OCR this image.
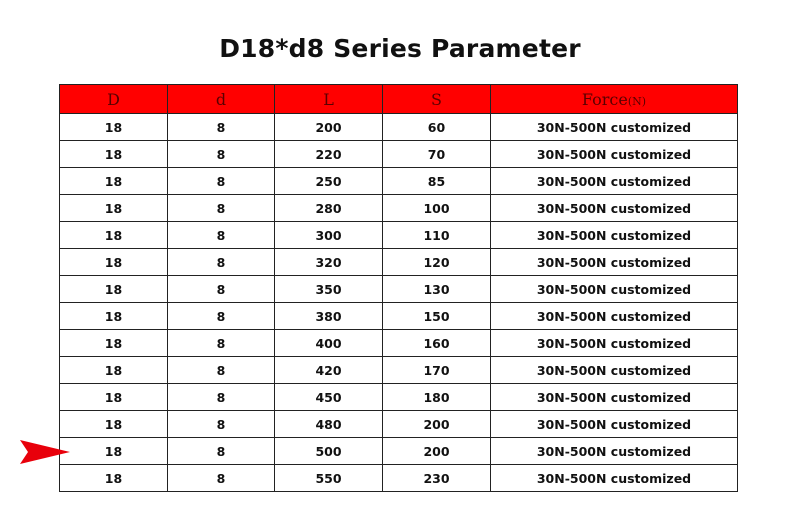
D18*d8 Series Parameter
D	d	L	S	Force(N)
18	8	200	60	30N-500N customized
18	8	220	70	30N-500N customized
18	8	250	85	30N-500N customized
18	8	280	100	30N-500N customized
18	8	300	110	30N-500N customized
18	8	320	120	30N-500N customized
18	8	350	130	30N-500N customized
18	8	380	150	30N-500N customized
18	8	400	160	30N-500N customized
18	8	420	170	30N-500N customized
18	8	450	180	30N-500N customized
18	8	480	200	30N-500N customized
18	8	500	200	30N-500N customized
18	8	550	230	30N-500N customized
